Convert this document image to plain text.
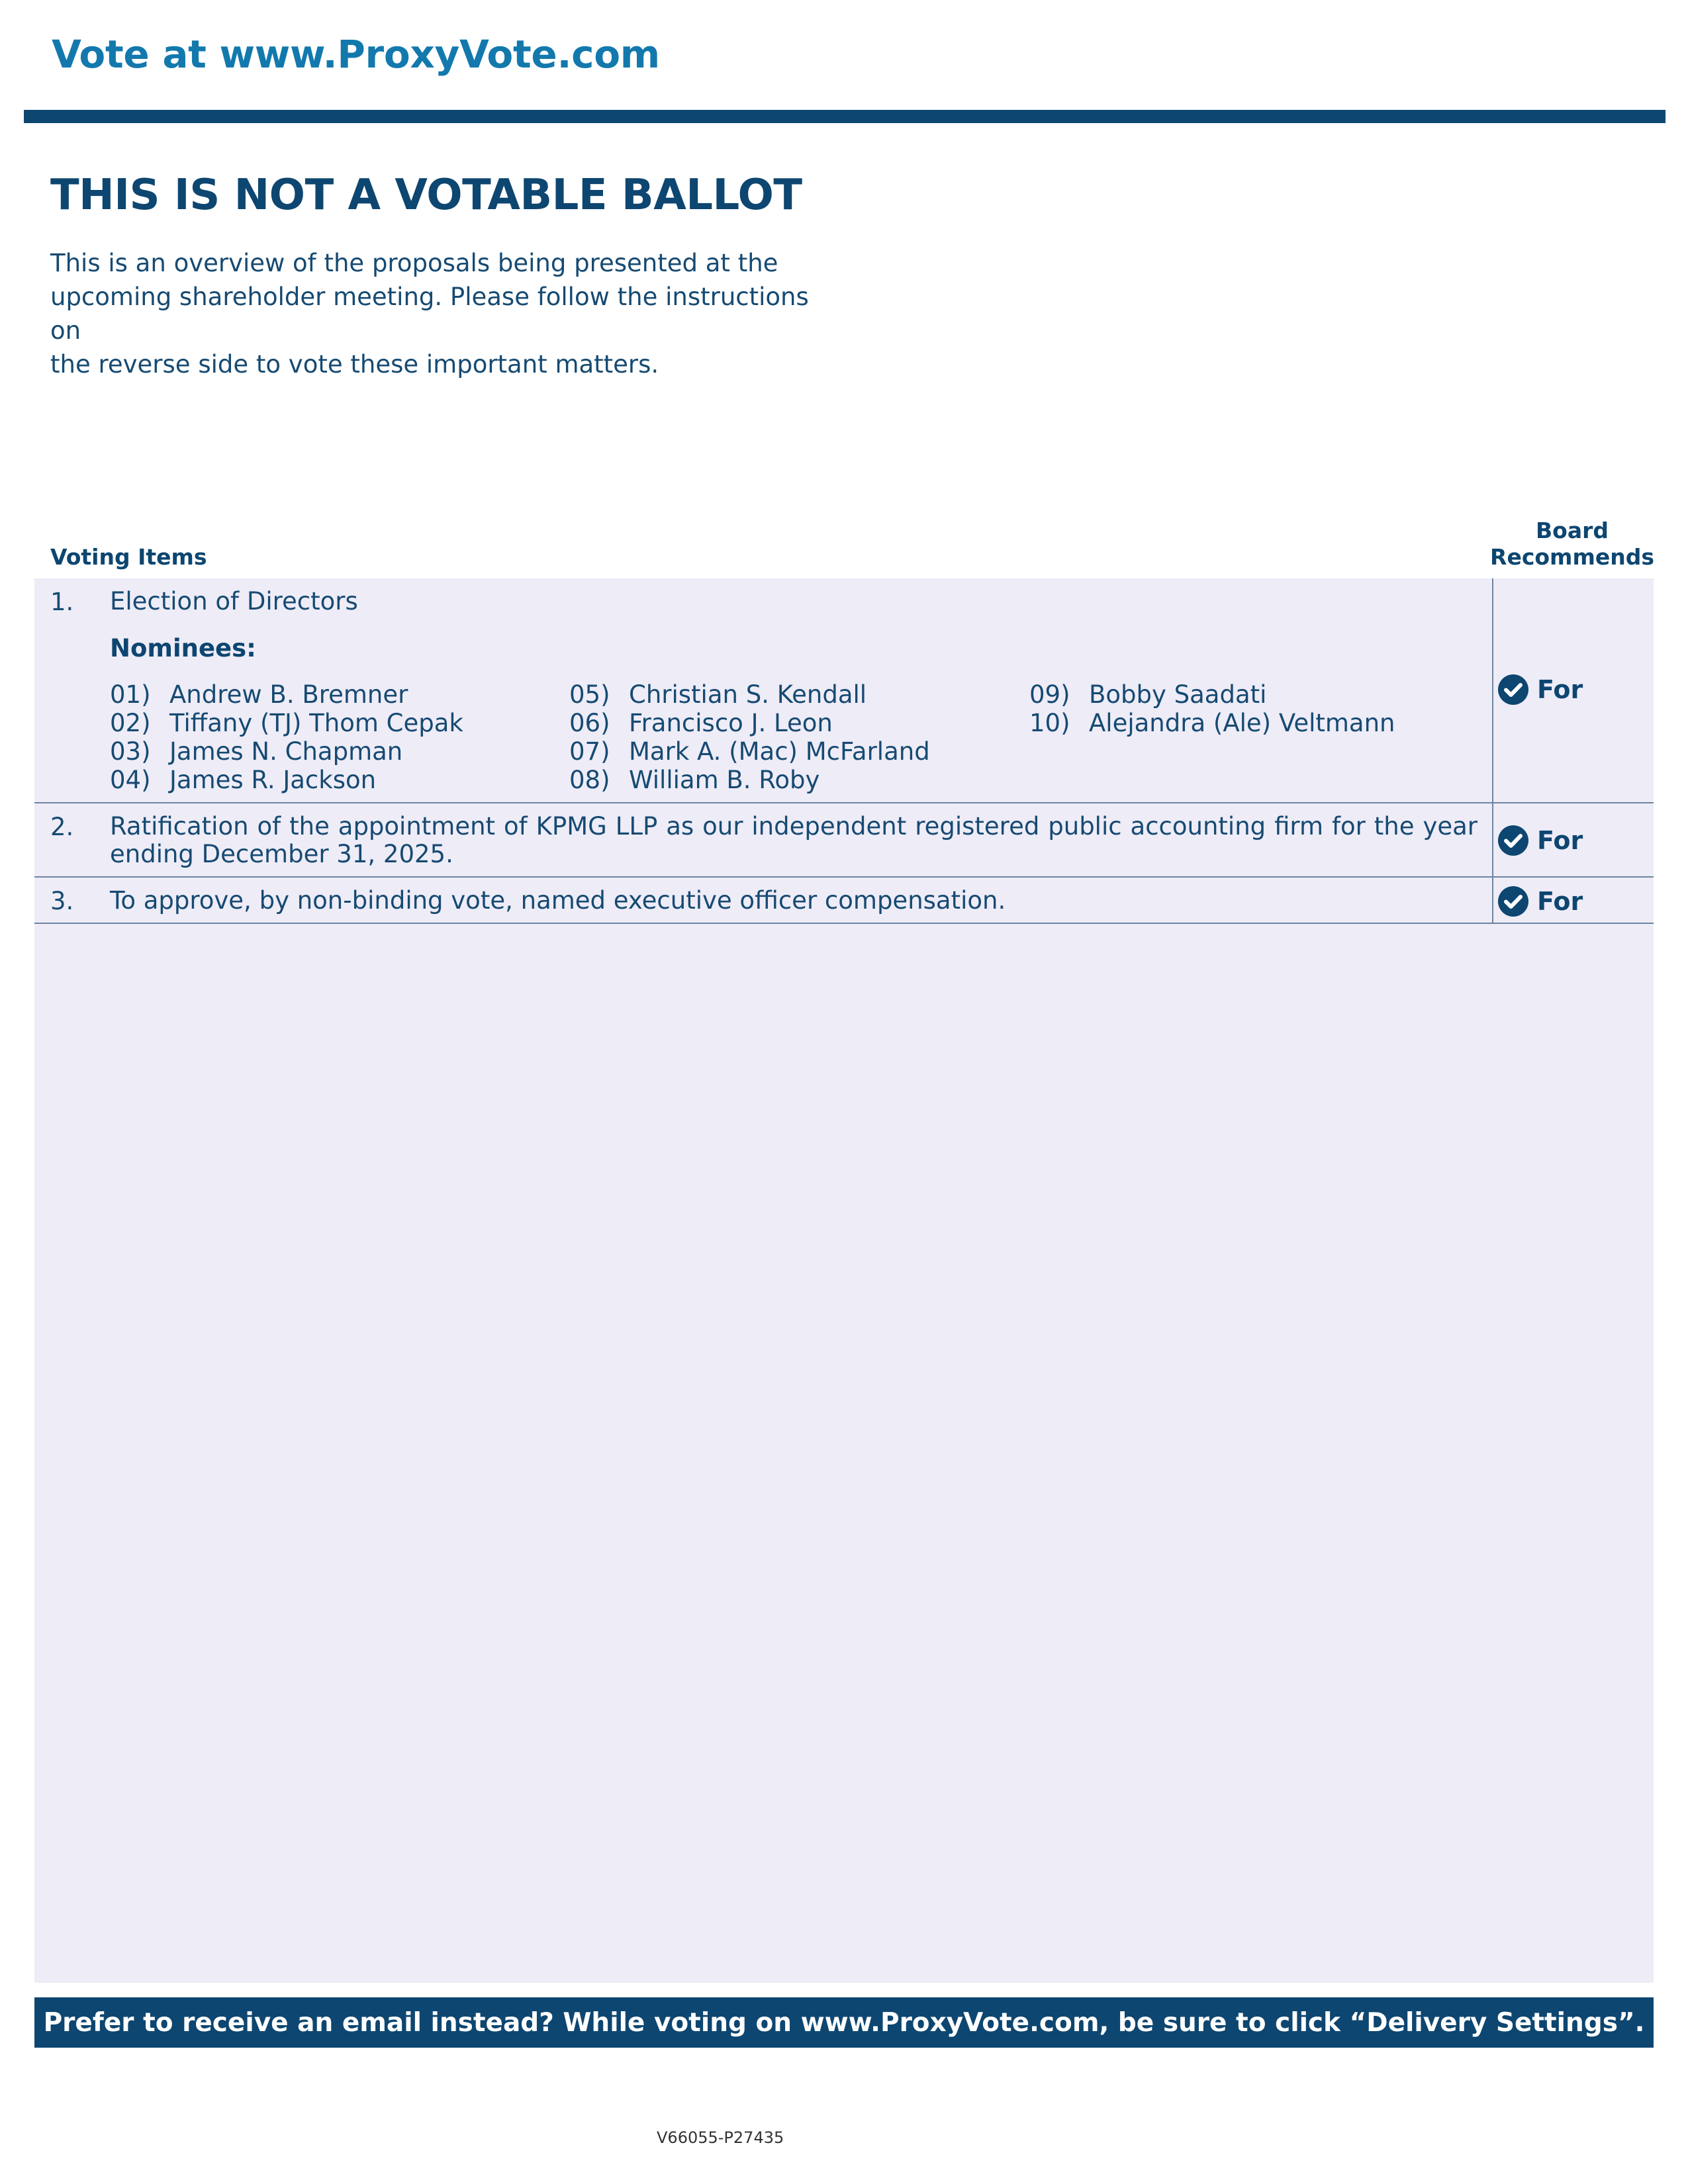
Vote at www.ProxyVote.com
THIS IS NOT A VOTABLE BALLOT
This is an overview of the proposals being presented at the
upcoming shareholder meeting. Please follow the instructions on
the reverse side to vote these important matters.
Voting Items
Board
Recommends
1. Election of Directors
Nominees:
01) Andrew B. Bremner
02) Tiffany (TJ) Thom Cepak
03) James N. Chapman
04) James R. Jackson
05) Christian S. Kendall
06) Francisco J. Leon
07) Mark A. (Mac) McFarland
08) William B. Roby
09) Bobby Saadati
10) Alejandra (Ale) Veltmann
For
2. Ratification of the appointment of KPMG LLP as our independent registered public accounting firm for the year ending December 31, 2025.	For
3. To approve, by non-binding vote, named executive officer compensation.	For
Prefer to receive an email instead? While voting on www.ProxyVote.com, be sure to click “Delivery Settings”.
V66055-P27435
